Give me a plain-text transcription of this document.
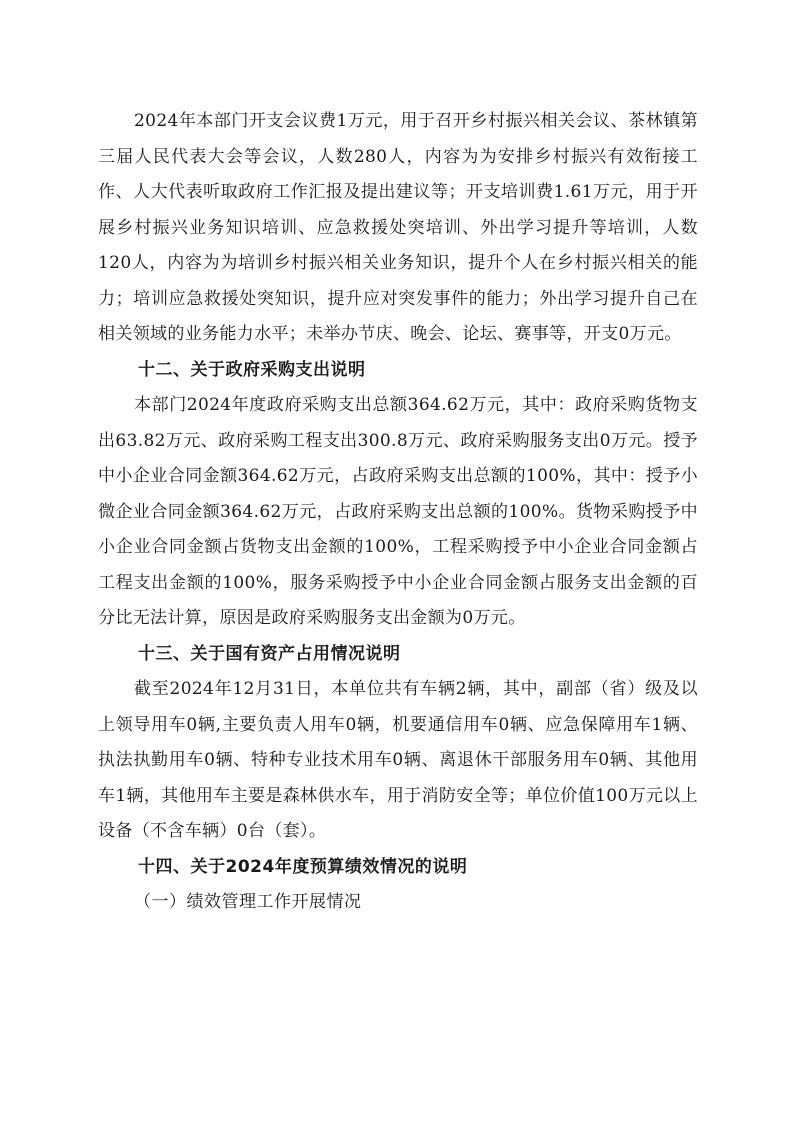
2024年本部门开支会议费1万元，用于召开乡村振兴相关会议、茶林镇第三届人民代表大会等会议，人数280人，内容为为安排乡村振兴有效衔接工作、人大代表听取政府工作汇报及提出建议等；开支培训费1.61万元，用于开展乡村振兴业务知识培训、应急救援处突培训、外出学习提升等培训，人数120人，内容为为培训乡村振兴相关业务知识，提升个人在乡村振兴相关的能力；培训应急救援处突知识，提升应对突发事件的能力；外出学习提升自己在相关领域的业务能力水平；未举办节庆、晚会、论坛、赛事等，开支0万元。

十二、关于政府采购支出说明

本部门2024年度政府采购支出总额364.62万元，其中：政府采购货物支出63.82万元、政府采购工程支出300.8万元、政府采购服务支出0万元。授予中小企业合同金额364.62万元，占政府采购支出总额的100%，其中：授予小微企业合同金额364.62万元，占政府采购支出总额的100%。货物采购授予中小企业合同金额占货物支出金额的100%，工程采购授予中小企业合同金额占工程支出金额的100%，服务采购授予中小企业合同金额占服务支出金额的百分比无法计算，原因是政府采购服务支出金额为0万元。

十三、关于国有资产占用情况说明

截至2024年12月31日，本单位共有车辆2辆，其中，副部（省）级及以上领导用车0辆,主要负责人用车0辆，机要通信用车0辆、应急保障用车1辆、执法执勤用车0辆、特种专业技术用车0辆、离退休干部服务用车0辆、其他用车1辆，其他用车主要是森林供水车，用于消防安全等；单位价值100万元以上设备（不含车辆）0台（套）。

十四、关于2024年度预算绩效情况的说明
（一）绩效管理工作开展情况
